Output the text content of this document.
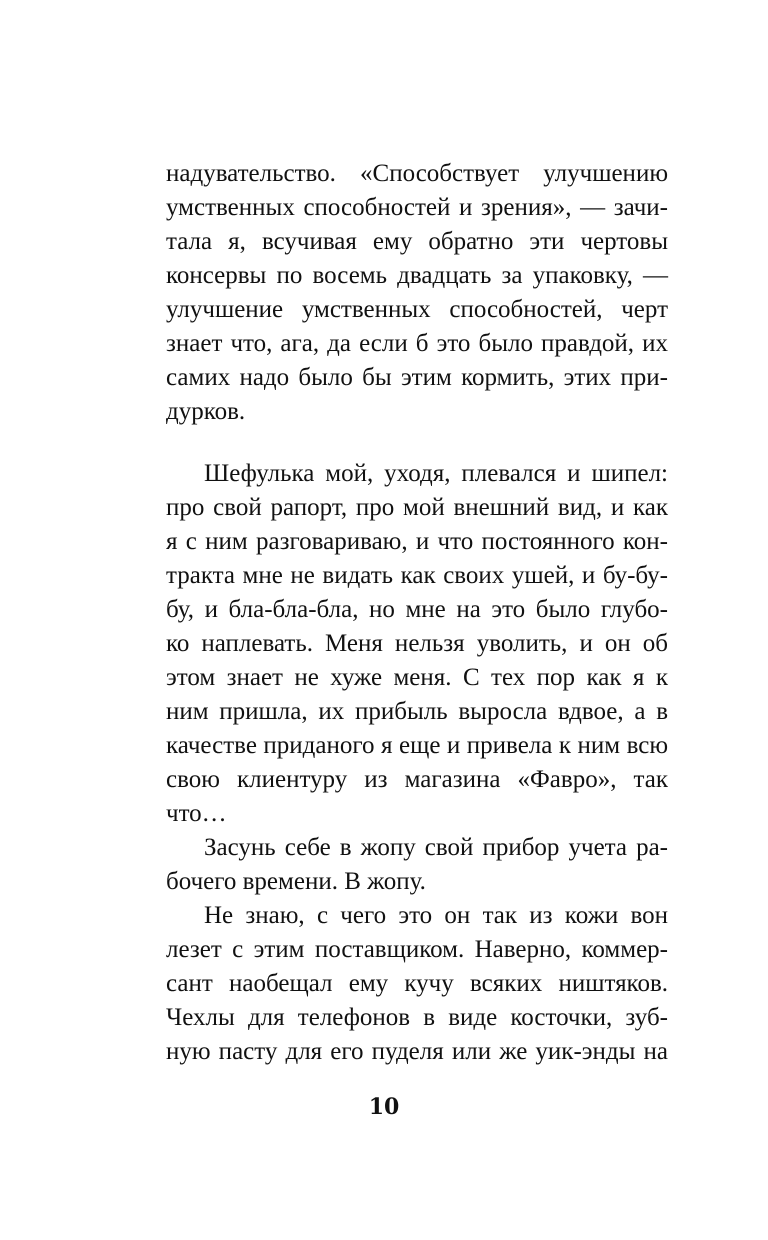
надувательство. «Способствует улучшению
умственных способностей и зрения», — зачи-
тала я, всучивая ему обратно эти чертовы
консервы по восемь двадцать за упаковку, —
улучшение умственных способностей, черт
знает что, ага, да если б это было правдой, их
самих надо было бы этим кормить, этих при-
дурков.
Шефулька мой, уходя, плевался и шипел:
про свой рапорт, про мой внешний вид, и как
я с ним разговариваю, и что постоянного кон-
тракта мне не видать как своих ушей, и бу-бу-
бу, и бла-бла-бла, но мне на это было глубо-
ко наплевать. Меня нельзя уволить, и он об
этом знает не хуже меня. С тех пор как я к
ним пришла, их прибыль выросла вдвое, а в
качестве приданого я еще и привела к ним всю
свою клиентуру из магазина «Фавро», так
что…
Засунь себе в жопу свой прибор учета ра-
бочего времени. В жопу.
Не знаю, с чего это он так из кожи вон
лезет с этим поставщиком. Наверно, коммер-
сант наобещал ему кучу всяких ништяков.
Чехлы для телефонов в виде косточки, зуб-
ную пасту для его пуделя или же уик-энды на
10
